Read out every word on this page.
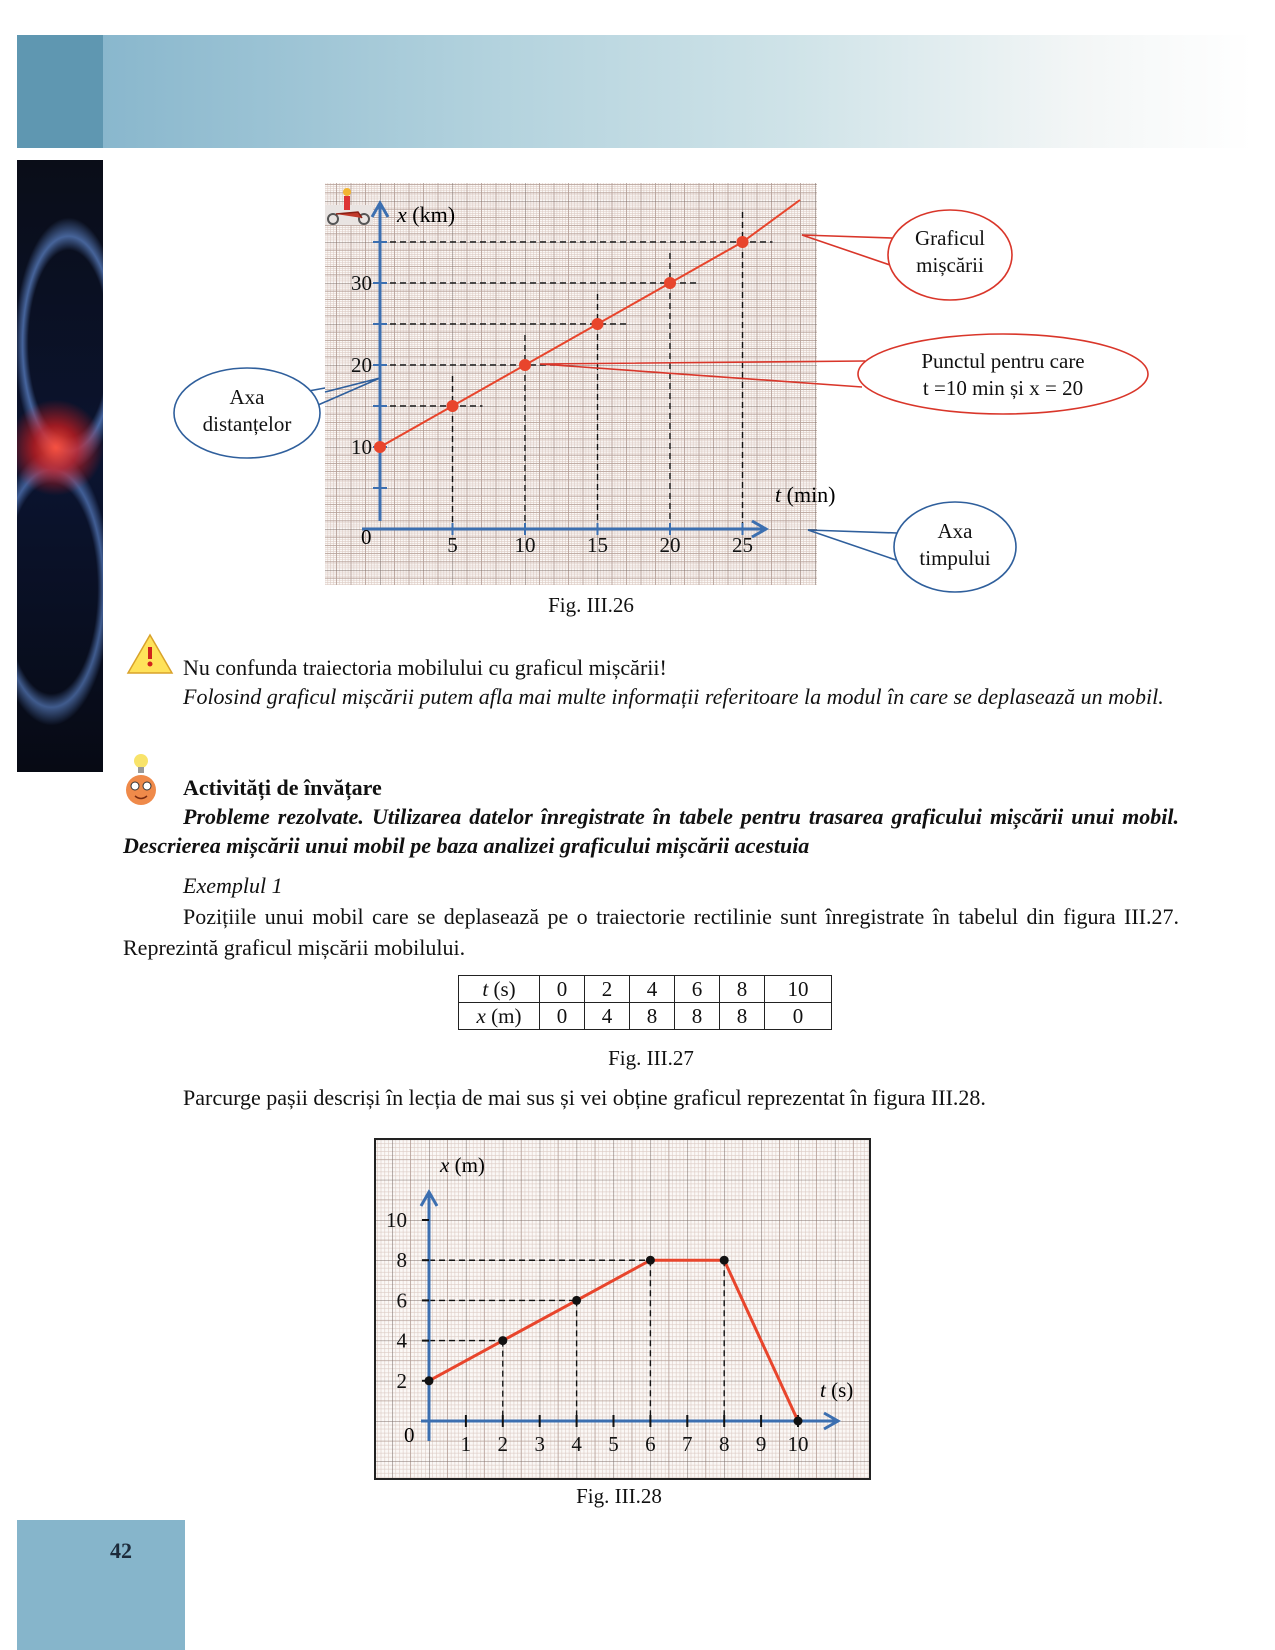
Axa
distanțelor
5	10 15 20 25
10
20
30
x (km)
t (min)
0
Graficul
mișcării
Punctul pentru care
t =10 min și x = 20
Axa
timpului
1 2 3 4 5 6 7 8 9 10
2
4
6
8
10
x (m)
t (s)
0
Fig. III.26
Nu confunda traiectoria mobilului cu graficul mișcării!
Folosind graficul mișcării putem afla mai multe informații referitoare la modul în care se deplasează un mobil.
Activități de învățare
Probleme rezolvate. Utilizarea datelor înregistrate în tabele pentru trasarea graficului mișcării unui mobil. Descrierea mișcării unui mobil pe baza analizei graficului mișcării acestuia
Exemplul 1
Pozițiile unui mobil care se deplasează pe o traiectorie rectilinie sunt înregistrate în tabelul din figura III.27. Reprezintă graficul mișcării mobilului.
t (s)	0	2	4	6	8	10
x (m)	0	4	8	8	8	0
Fig. III.27
Parcurge pașii descriși în lecția de mai sus și vei obține graficul reprezentat în figura III.28.
Fig. III.28
42
